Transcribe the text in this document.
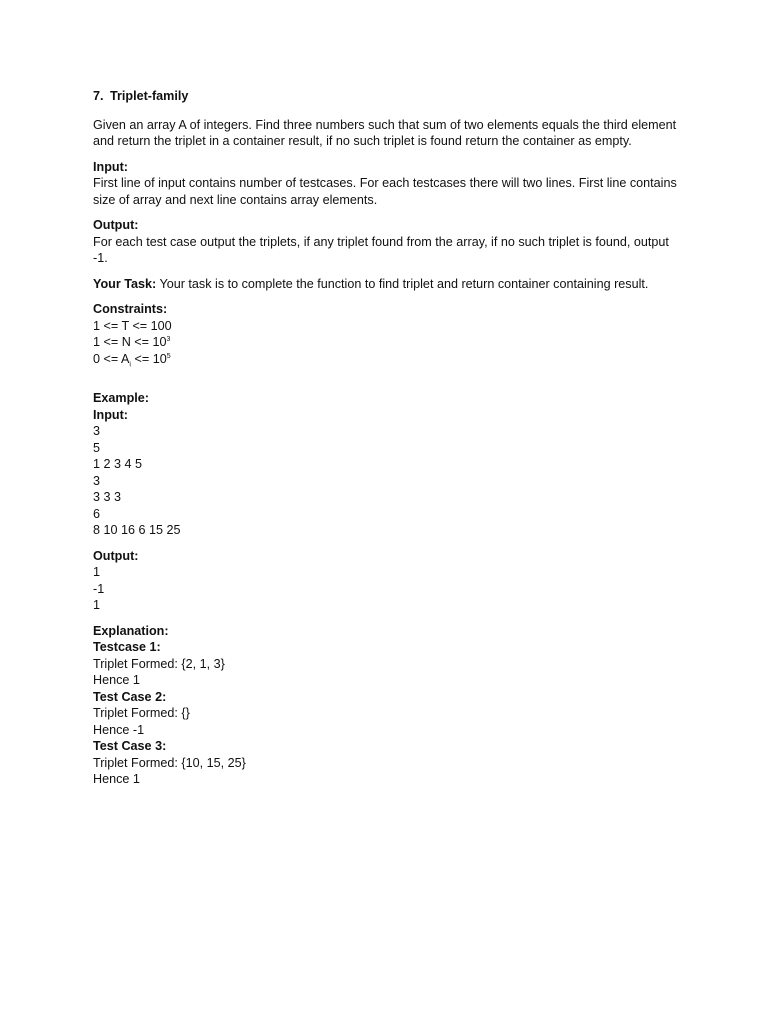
7. Triplet-family

Given an array A of integers. Find three numbers such that sum of two elements equals the third element and return the triplet in a container result, if no such triplet is found return the container as empty.

Input:
First line of input contains number of testcases. For each testcases there will two lines. First line contains size of array and next line contains array elements.
Output:
For each test case output the triplets, if any triplet found from the array, if no such triplet is found, output -1.

Your Task: Your task is to complete the function to find triplet and return container containing result.

Constraints:
1 <= T <= 100
$1 <= N <= 10^3$
$0 <= A_i <= 10^5$
Example:
Input:
3
5
1 2 3 4 5
3
3 3 3
6
8 10 16 6 15 25
Output:
1
-1
1
Explanation:
Testcase 1:
Triplet Formed: {2, 1, 3}
Hence 1
Test Case 2:
Triplet Formed: {}
Hence -1
Test Case 3:
Triplet Formed: {10, 15, 25}
Hence 1
